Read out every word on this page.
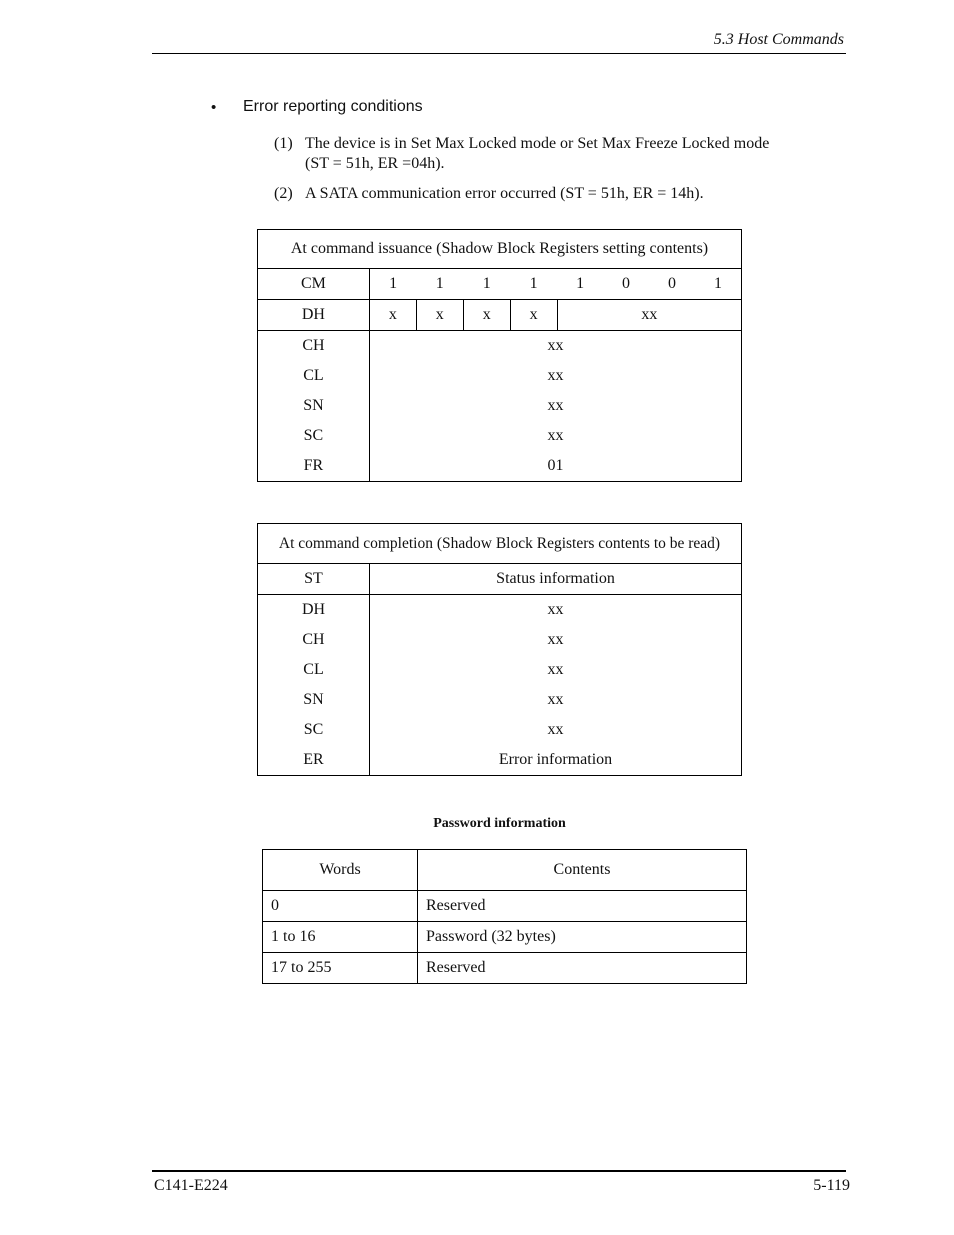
5.3 Host Commands
• Error reporting conditions
(1) The device is in Set Max Locked mode or Set Max Freeze Locked mode
(ST = 51h, ER =04h).
(2) A SATA communication error occurred (ST = 51h, ER = 14h).
At command issuance (Shadow Block Registers setting contents)								
CM	1	1	1	1	1	0	0	1
DH	x	x	x	x	xx			
CH	xx							
CL	xx							
SN	xx							
SC	xx							
FR	01							
At command completion (Shadow Block Registers contents to be read)	
ST	Status information
DH	xx
CH	xx
CL	xx
SN	xx
SC	xx
ER	Error information
Password information
Words	Contents
0	Reserved
1 to 16	Password (32 bytes)
17 to 255	Reserved
C141-E224	5-119
